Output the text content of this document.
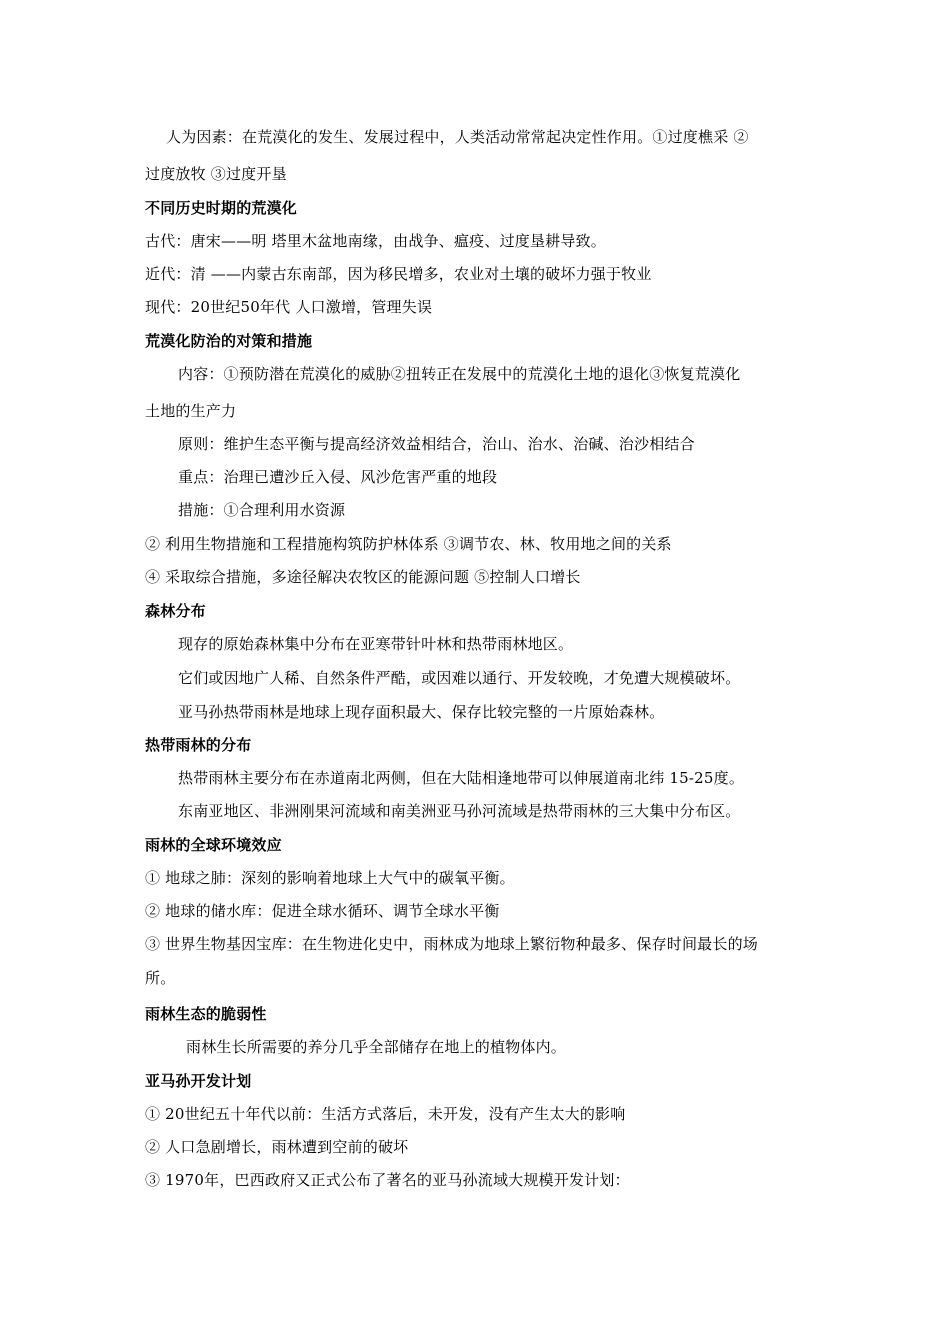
人为因素：在荒漠化的发生、发展过程中，人类活动常常起决定性作用。①过度樵采 ②
过度放牧 ③过度开垦
不同历史时期的荒漠化
古代：唐宋——明 塔里木盆地南缘，由战争、瘟疫、过度垦耕导致。
近代：清 ——内蒙古东南部，因为移民增多，农业对土壤的破坏力强于牧业
现代：20世纪50年代 人口激增，管理失误
荒漠化防治的对策和措施
内容：①预防潜在荒漠化的威胁②扭转正在发展中的荒漠化土地的退化③恢复荒漠化
土地的生产力
原则：维护生态平衡与提高经济效益相结合，治山、治水、治碱、治沙相结合
重点：治理已遭沙丘入侵、风沙危害严重的地段
措施：①合理利用水资源
② 利用生物措施和工程措施构筑防护林体系 ③调节农、林、牧用地之间的关系
④ 采取综合措施，多途径解决农牧区的能源问题 ⑤控制人口增长
森林分布
现存的原始森林集中分布在亚寒带针叶林和热带雨林地区。
它们或因地广人稀、自然条件严酷，或因难以通行、开发较晚，才免遭大规模破坏。
亚马孙热带雨林是地球上现存面积最大、保存比较完整的一片原始森林。
热带雨林的分布
热带雨林主要分布在赤道南北两侧，但在大陆相逢地带可以伸展道南北纬 15-25度。
东南亚地区、非洲刚果河流域和南美洲亚马孙河流域是热带雨林的三大集中分布区。
雨林的全球环境效应
① 地球之肺：深刻的影响着地球上大气中的碳氧平衡。
② 地球的储水库：促进全球水循环、调节全球水平衡
③ 世界生物基因宝库：在生物进化史中，雨林成为地球上繁衍物种最多、保存时间最长的场
所。
雨林生态的脆弱性
雨林生长所需要的养分几乎全部储存在地上的植物体内。
亚马孙开发计划
① 20世纪五十年代以前：生活方式落后，未开发，没有产生太大的影响
② 人口急剧增长，雨林遭到空前的破坏
③ 1970年，巴西政府又正式公布了著名的亚马孙流域大规模开发计划：
